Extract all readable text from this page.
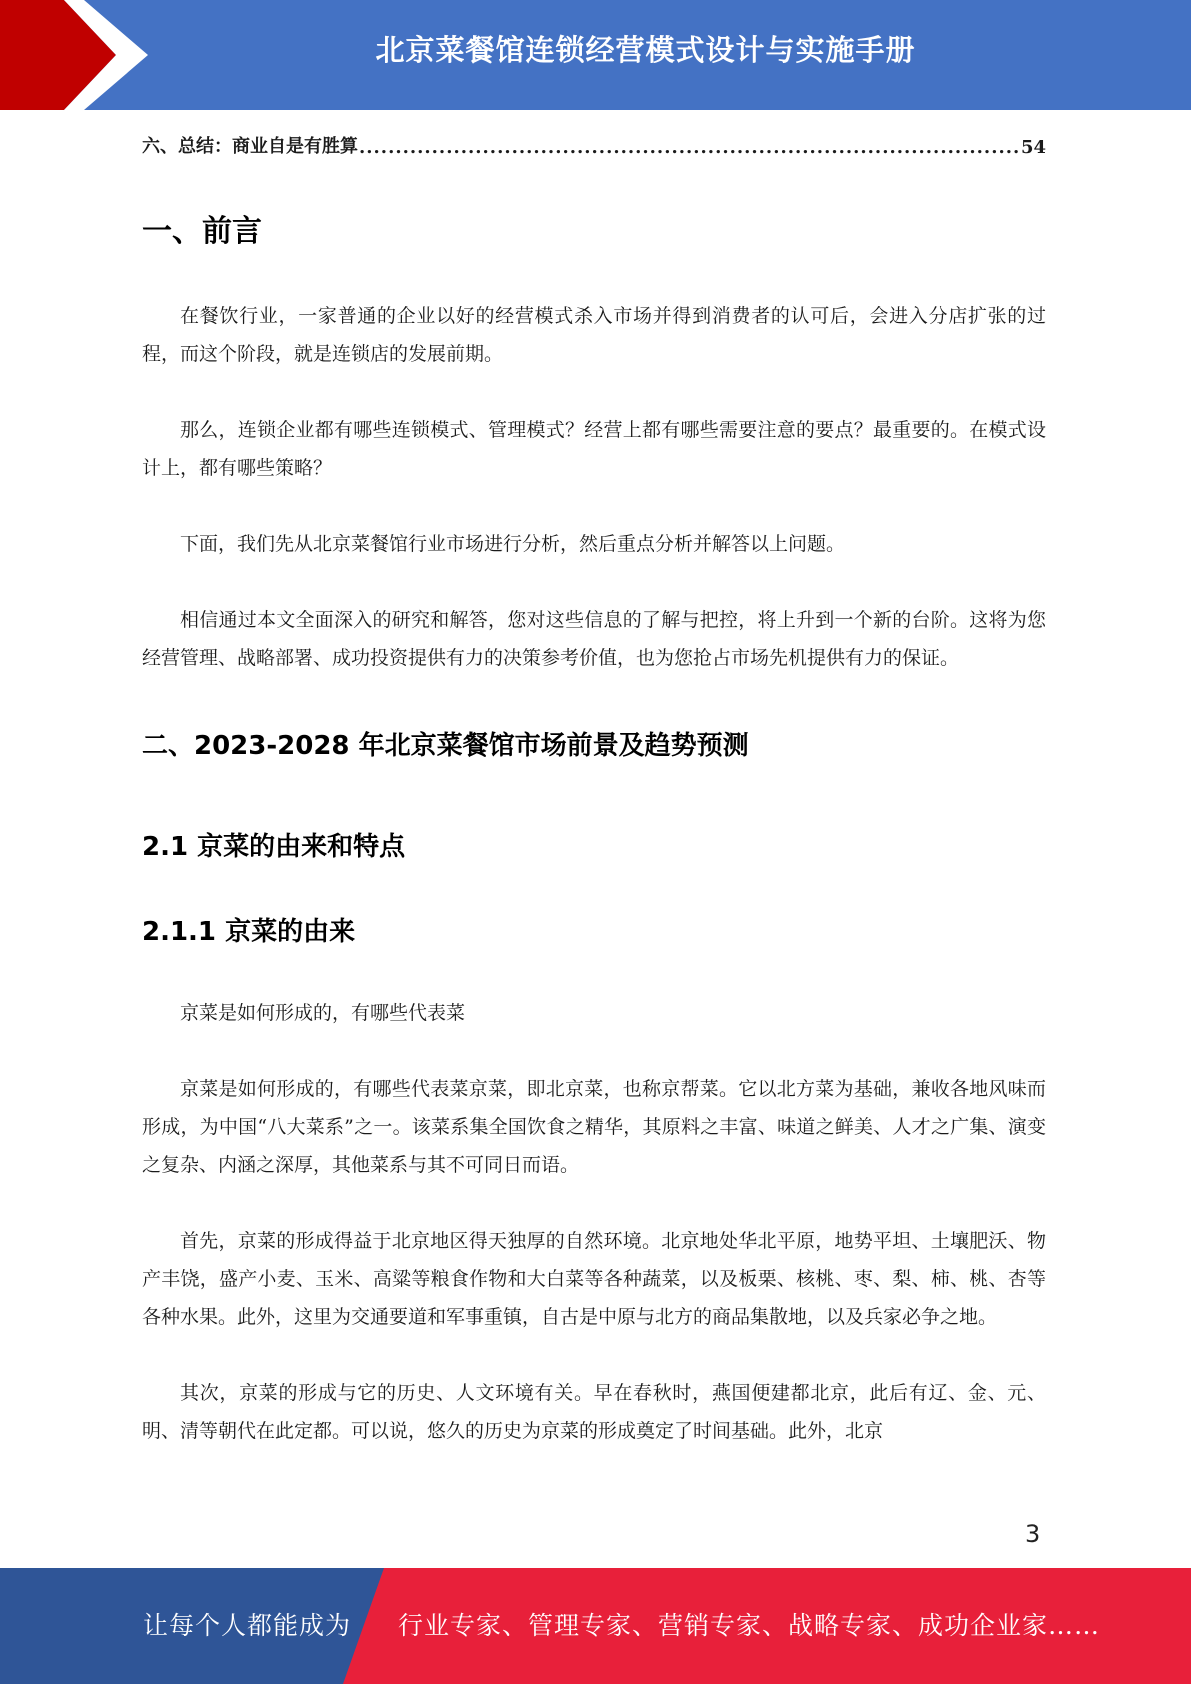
北京菜餐馆连锁经营模式设计与实施手册
六、总结：商业自是有胜算
.....	54
一、前言

在餐饮行业，一家普通的企业以好的经营模式杀入市场并得到消费者的认可后，会进入分店扩张的过程，而这个阶段，就是连锁店的发展前期。

那么，连锁企业都有哪些连锁模式、管理模式？经营上都有哪些需要注意的要点？最重要的。在模式设计上，都有哪些策略？

下面，我们先从北京菜餐馆行业市场进行分析，然后重点分析并解答以上问题。

相信通过本文全面深入的研究和解答，您对这些信息的了解与把控，将上升到一个新的台阶。这将为您经营管理、战略部署、成功投资提供有力的决策参考价值，也为您抢占市场先机提供有力的保证。

二、2023-2028 年北京菜餐馆市场前景及趋势预测
2.1 京菜的由来和特点
2.1.1 京菜的由来

京菜是如何形成的，有哪些代表菜

京菜是如何形成的，有哪些代表菜京菜，即北京菜，也称京帮菜。它以北方菜为基础，兼收各地风味而形成，为中国“八大菜系”之一。该菜系集全国饮食之精华，其原料之丰富、味道之鲜美、人才之广集、演变之复杂、内涵之深厚，其他菜系与其不可同日而语。

首先，京菜的形成得益于北京地区得天独厚的自然环境。北京地处华北平原，地势平坦、土壤肥沃、物产丰饶，盛产小麦、玉米、高粱等粮食作物和大白菜等各种蔬菜，以及板栗、核桃、枣、梨、柿、桃、杏等各种水果。此外，这里为交通要道和军事重镇，自古是中原与北方的商品集散地，以及兵家必争之地。

其次，京菜的形成与它的历史、人文环境有关。早在春秋时，燕国便建都北京，此后有辽、金、元、明、清等朝代在此定都。可以说，悠久的历史为京菜的形成奠定了时间基础。此外，北京

3
让每个人都能成为 行业专家、管理专家、营销专家、战略专家、成功企业家……
